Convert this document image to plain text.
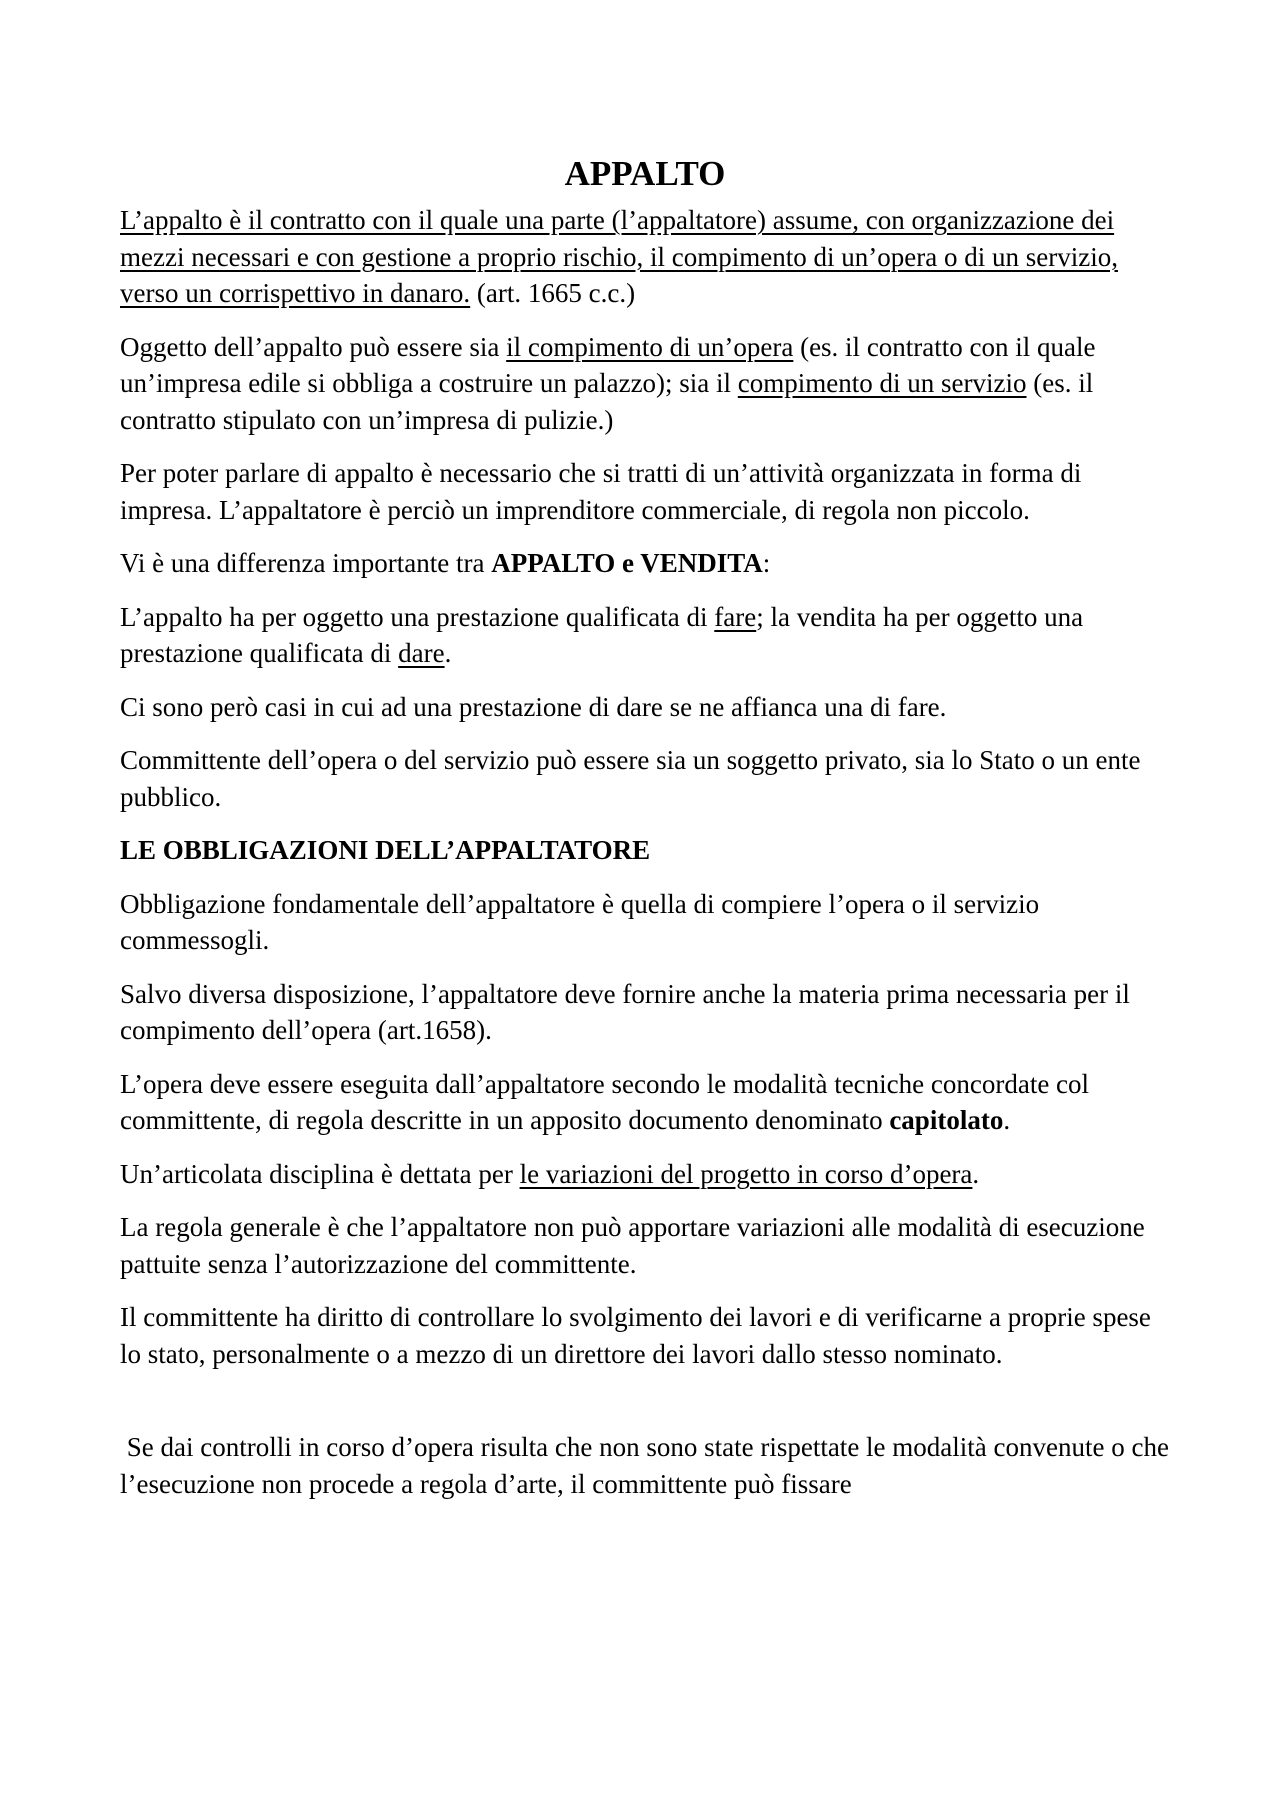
APPALTO

L’appalto è il contratto con il quale una parte (l’appaltatore) assume, con organizzazione dei mezzi necessari e con gestione a proprio rischio, il compimento di un’opera o di un servizio, verso un corrispettivo in danaro. (art. 1665 c.c.)

Oggetto dell’appalto può essere sia il compimento di un’opera (es. il contratto con il quale un’impresa edile si obbliga a costruire un palazzo); sia il compimento di un servizio (es. il contratto stipulato con un’impresa di pulizie.)

Per poter parlare di appalto è necessario che si tratti di un’attività organizzata in forma di impresa. L’appaltatore è perciò un imprenditore commerciale, di regola non piccolo.

Vi è una differenza importante tra APPALTO e VENDITA:

L’appalto ha per oggetto una prestazione qualificata di fare; la vendita ha per oggetto una prestazione qualificata di dare.

Ci sono però casi in cui ad una prestazione di dare se ne affianca una di fare.

Committente dell’opera o del servizio può essere sia un soggetto privato, sia lo Stato o un ente pubblico.

LE OBBLIGAZIONI DELL’APPALTATORE

Obbligazione fondamentale dell’appaltatore è quella di compiere l’opera o il servizio commessogli.

Salvo diversa disposizione, l’appaltatore deve fornire anche la materia prima necessaria per il compimento dell’opera (art.1658).

L’opera deve essere eseguita dall’appaltatore secondo le modalità tecniche concordate col committente, di regola descritte in un apposito documento denominato capitolato.

Un’articolata disciplina è dettata per le variazioni del progetto in corso d’opera.

La regola generale è che l’appaltatore non può apportare variazioni alle modalità di esecuzione pattuite senza l’autorizzazione del committente.

Il committente ha diritto di controllare lo svolgimento dei lavori e di verificarne a proprie spese lo stato, personalmente o a mezzo di un direttore dei lavori dallo stesso nominato.

Se dai controlli in corso d’opera risulta che non sono state rispettate le modalità convenute o che l’esecuzione non procede a regola d’arte, il committente può fissare
